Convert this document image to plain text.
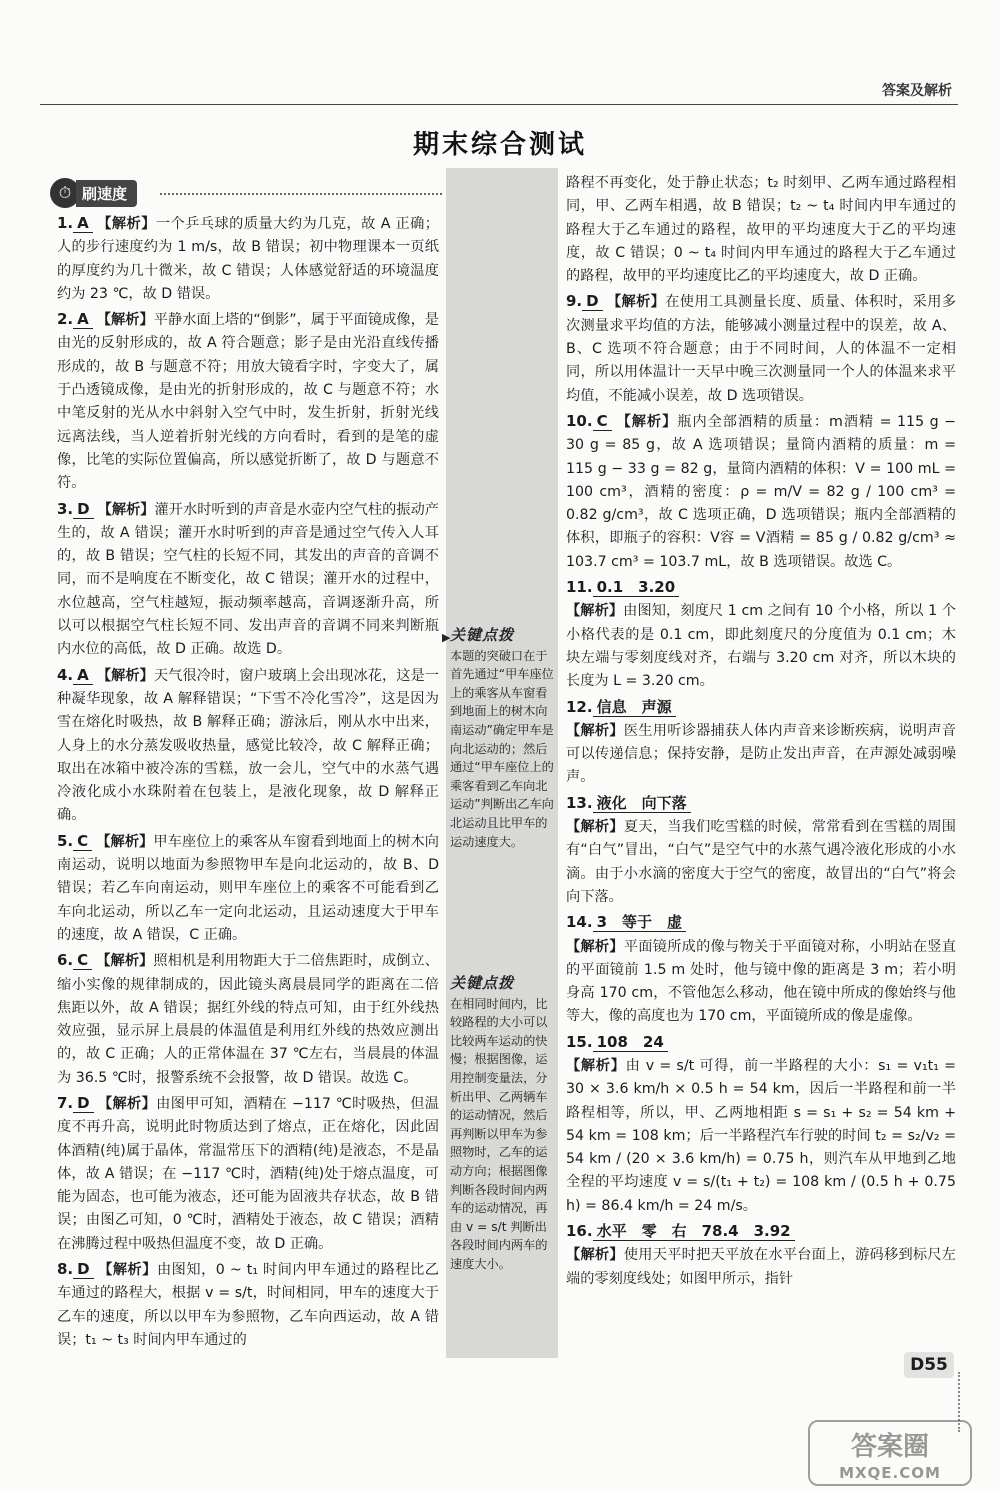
答案及解析
期末综合测试
⏱ 刷速度
▶ 关键点拨
本题的突破口在于首先通过“甲车座位上的乘客从车窗看到地面上的树木向南运动”确定甲车是向北运动的；然后通过“甲车座位上的乘客看到乙车向北运动”判断出乙车向北运动且比甲车的运动速度大。
关键点拨
在相同时间内，比较路程的大小可以比较两车运动的快慢；根据图像，运用控制变量法，分析出甲、乙两辆车的运动情况，然后再判断以甲车为参照物时，乙车的运动方向；根据图像判断各段时间内两车的运动情况，再由 v = s/t 判断出各段时间内两车的速度大小。
1. A 【解析】一个乒乓球的质量大约为几克，故 A 正确；人的步行速度约为 1 m/s，故 B 错误；初中物理课本一页纸的厚度约为几十微米，故 C 错误；人体感觉舒适的环境温度约为 23 ℃，故 D 错误。
2. A 【解析】平静水面上塔的“倒影”，属于平面镜成像，是由光的反射形成的，故 A 符合题意；影子是由光沿直线传播形成的，故 B 与题意不符；用放大镜看字时，字变大了，属于凸透镜成像，是由光的折射形成的，故 C 与题意不符；水中笔反射的光从水中斜射入空气中时，发生折射，折射光线远离法线，当人逆着折射光线的方向看时，看到的是笔的虚像，比笔的实际位置偏高，所以感觉折断了，故 D 与题意不符。
3. D 【解析】灌开水时听到的声音是水壶内空气柱的振动产生的，故 A 错误；灌开水时听到的声音是通过空气传入人耳的，故 B 错误；空气柱的长短不同，其发出的声音的音调不同，而不是响度在不断变化，故 C 错误；灌开水的过程中，水位越高，空气柱越短，振动频率越高，音调逐渐升高，所以可以根据空气柱长短不同、发出声音的音调不同来判断瓶内水位的高低，故 D 正确。故选 D。
4. A 【解析】天气很冷时，窗户玻璃上会出现冰花，这是一种凝华现象，故 A 解释错误；“下雪不冷化雪冷”，这是因为雪在熔化时吸热，故 B 解释正确；游泳后，刚从水中出来，人身上的水分蒸发吸收热量，感觉比较冷，故 C 解释正确；取出在冰箱中被冷冻的雪糕，放一会儿，空气中的水蒸气遇冷液化成小水珠附着在包装上，是液化现象，故 D 解释正确。
5. C 【解析】甲车座位上的乘客从车窗看到地面上的树木向南运动，说明以地面为参照物甲车是向北运动的，故 B、D 错误；若乙车向南运动，则甲车座位上的乘客不可能看到乙车向北运动，所以乙车一定向北运动，且运动速度大于甲车的速度，故 A 错误，C 正确。
6. C 【解析】照相机是利用物距大于二倍焦距时，成倒立、缩小实像的规律制成的，因此镜头离晨晨同学的距离在二倍焦距以外，故 A 错误；据红外线的特点可知，由于红外线热效应强，显示屏上晨晨的体温值是利用红外线的热效应测出的，故 C 正确；人的正常体温在 37 ℃左右，当晨晨的体温为 36.5 ℃时，报警系统不会报警，故 D 错误。故选 C。
7. D 【解析】由图甲可知，酒精在 −117 ℃时吸热，但温度不再升高，说明此时物质达到了熔点，正在熔化，因此固体酒精(纯)属于晶体，常温常压下的酒精(纯)是液态，不是晶体，故 A 错误；在 −117 ℃时，酒精(纯)处于熔点温度，可能为固态，也可能为液态，还可能为固液共存状态，故 B 错误；由图乙可知，0 ℃时，酒精处于液态，故 C 错误；酒精在沸腾过程中吸热但温度不变，故 D 正确。
8. D 【解析】由图知，0 ~ t₁ 时间内甲车通过的路程比乙车通过的路程大，根据 v = s/t，时间相同，甲车的速度大于乙车的速度，所以以甲车为参照物，乙车向西运动，故 A 错误；t₁ ~ t₃ 时间内甲车通过的
路程不再变化，处于静止状态；t₂ 时刻甲、乙两车通过路程相同，甲、乙两车相遇，故 B 错误；t₂ ~ t₄ 时间内甲车通过的路程大于乙车通过的路程，故甲的平均速度大于乙的平均速度，故 C 错误；0 ~ t₄ 时间内甲车通过的路程大于乙车通过的路程，故甲的平均速度比乙的平均速度大，故 D 正确。
9. D 【解析】在使用工具测量长度、质量、体积时，采用多次测量求平均值的方法，能够减小测量过程中的误差，故 A、B、C 选项不符合题意；由于不同时间，人的体温不一定相同，所以用体温计一天早中晚三次测量同一个人的体温来求平均值，不能减小误差，故 D 选项错误。
10. C 【解析】瓶内全部酒精的质量：m酒精 = 115 g − 30 g = 85 g，故 A 选项错误；量筒内酒精的质量：m = 115 g − 33 g = 82 g，量筒内酒精的体积：V = 100 mL = 100 cm³，酒精的密度：ρ = m/V = 82 g / 100 cm³ = 0.82 g/cm³，故 C 选项正确，D 选项错误；瓶内全部酒精的体积，即瓶子的容积：V容 = V酒精 = 85 g / 0.82 g/cm³ ≈ 103.7 cm³ = 103.7 mL，故 B 选项错误。故选 C。
11. 0.1　3.20
【解析】由图知，刻度尺 1 cm 之间有 10 个小格，所以 1 个小格代表的是 0.1 cm，即此刻度尺的分度值为 0.1 cm；木块左端与零刻度线对齐，右端与 3.20 cm 对齐，所以木块的长度为 L = 3.20 cm。
12. 信息　声源
【解析】医生用听诊器捕获人体内声音来诊断疾病，说明声音可以传递信息；保持安静，是防止发出声音，在声源处减弱噪声。
13. 液化　向下落
【解析】夏天，当我们吃雪糕的时候，常常看到在雪糕的周围有“白气”冒出，“白气”是空气中的水蒸气遇冷液化形成的小水滴。由于小水滴的密度大于空气的密度，故冒出的“白气”将会向下落。
14. 3　等于　虚
【解析】平面镜所成的像与物关于平面镜对称，小明站在竖直的平面镜前 1.5 m 处时，他与镜中像的距离是 3 m；若小明身高 170 cm，不管他怎么移动，他在镜中所成的像始终与他等大，像的高度也为 170 cm，平面镜所成的像是虚像。
15. 108　24
【解析】由 v = s/t 可得，前一半路程的大小：s₁ = v₁t₁ = 30 × 3.6 km/h × 0.5 h = 54 km，因后一半路程和前一半路程相等，所以，甲、乙两地相距 s = s₁ + s₂ = 54 km + 54 km = 108 km；后一半路程汽车行驶的时间 t₂ = s₂/v₂ = 54 km / (20 × 3.6 km/h) = 0.75 h，则汽车从甲地到乙地全程的平均速度 v = s/(t₁ + t₂) = 108 km / (0.5 h + 0.75 h) = 86.4 km/h = 24 m/s。
16. 水平　零　右　78.4　3.92
【解析】使用天平时把天平放在水平台面上，游码移到标尺左端的零刻度线处；如图甲所示，指针
D55
答案圈
MXQE.COM
